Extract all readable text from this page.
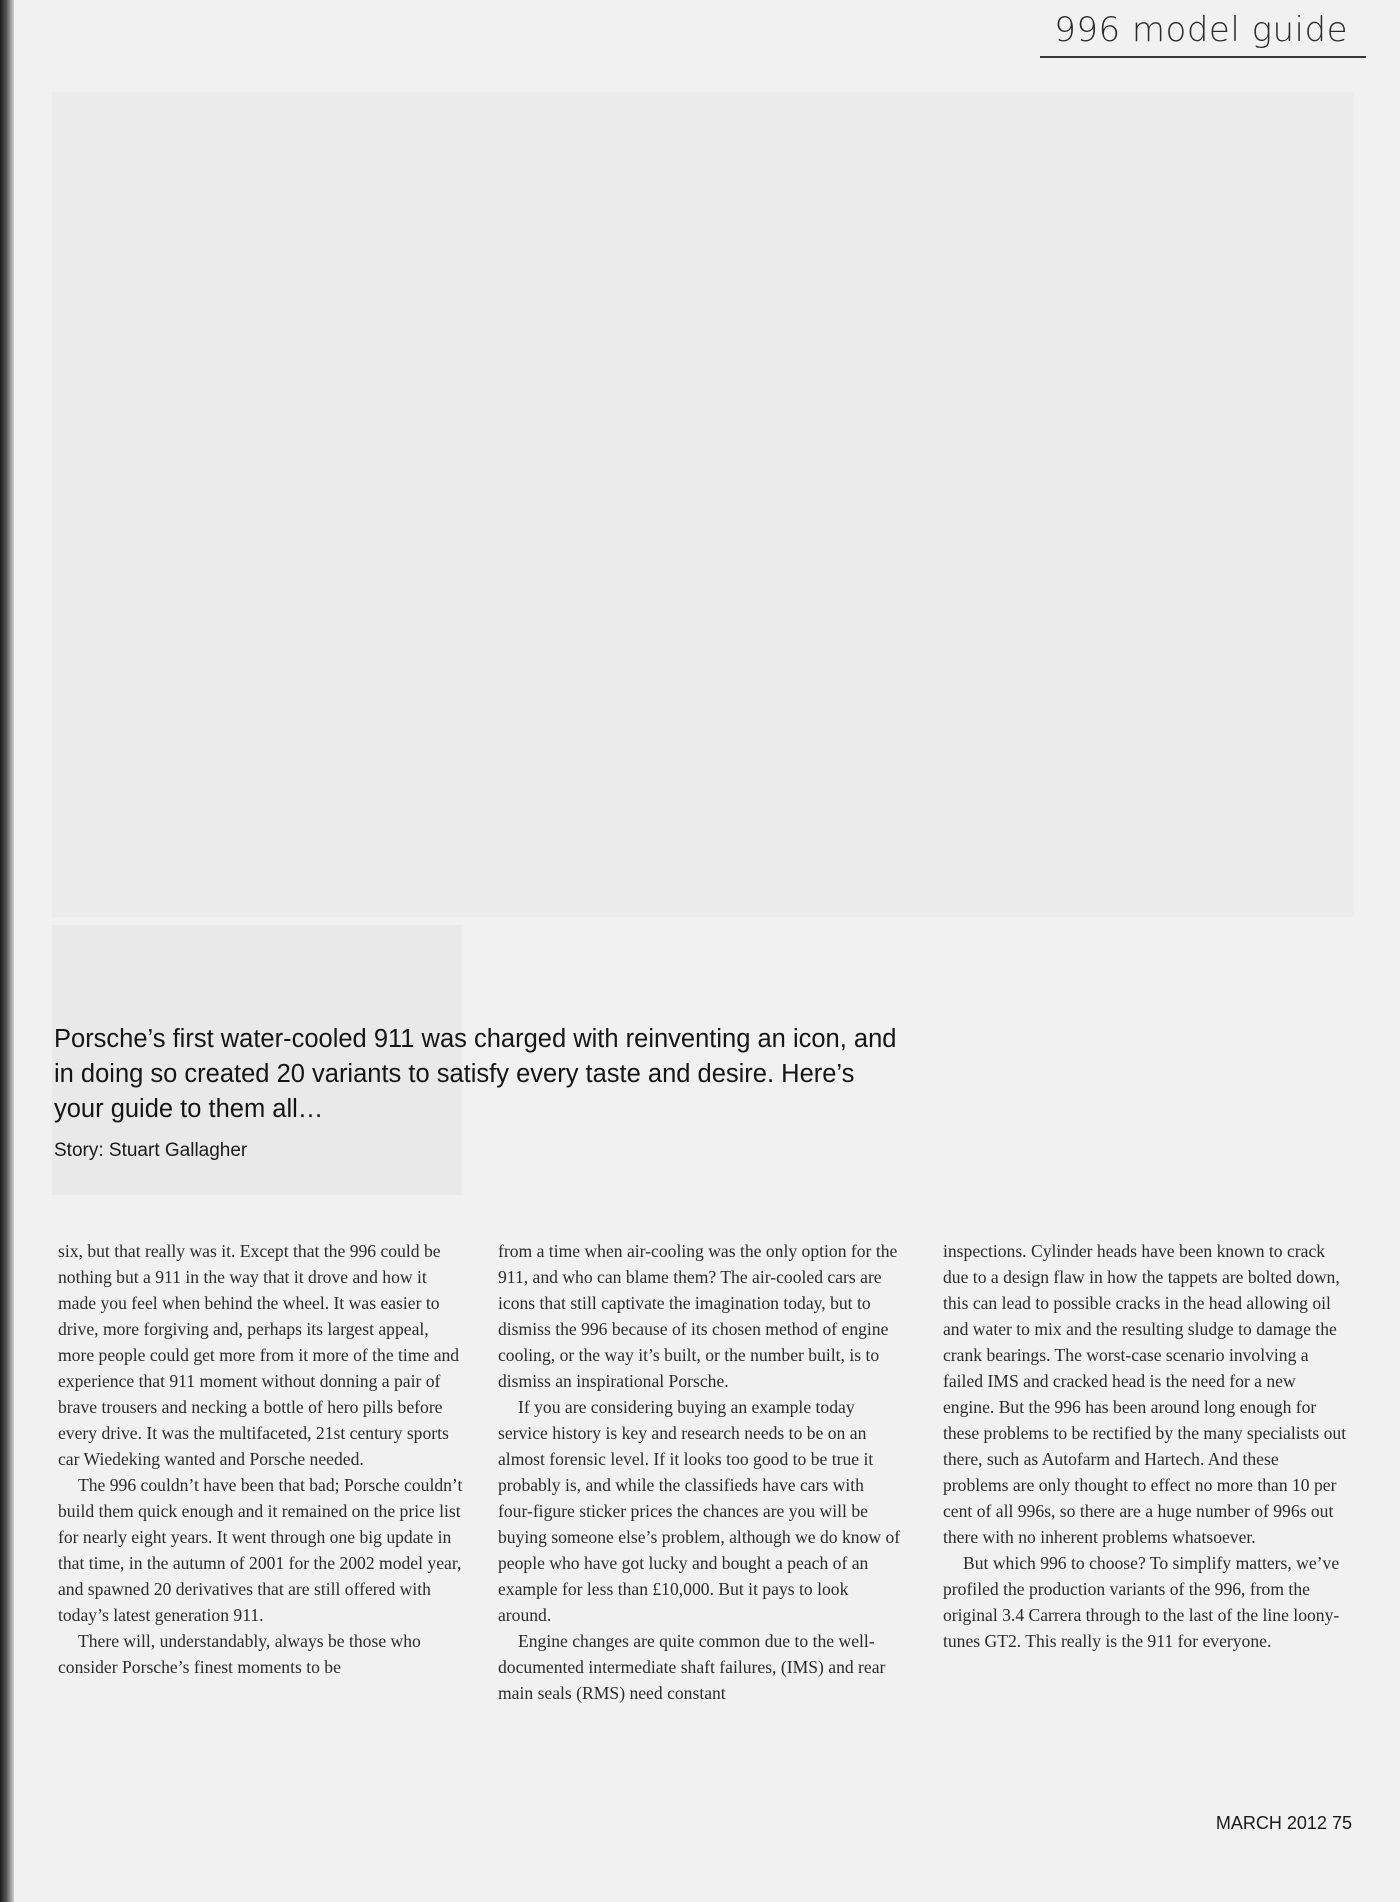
996 model guide

Porsche’s first water-cooled 911 was charged with reinventing an icon, and in doing so created 20 variants to satisfy every taste and desire. Here’s your guide to them all…

Story: Stuart Gallagher

six, but that really was it. Except that the 996 could be nothing but a 911 in the way that it drove and how it made you feel when behind the wheel. It was easier to drive, more forgiving and, perhaps its largest appeal, more people could get more from it more of the time and experience that 911 moment without donning a pair of brave trousers and necking a bottle of hero pills before every drive. It was the multifaceted, 21st century sports car Wiedeking wanted and Porsche needed.

The 996 couldn’t have been that bad; Porsche couldn’t build them quick enough and it remained on the price list for nearly eight years. It went through one big update in that time, in the autumn of 2001 for the 2002 model year, and spawned 20 derivatives that are still offered with today’s latest generation 911.

There will, understandably, always be those who consider Porsche’s finest moments to be

from a time when air-cooling was the only option for the 911, and who can blame them? The air-cooled cars are icons that still captivate the imagination today, but to dismiss the 996 because of its chosen method of engine cooling, or the way it’s built, or the number built, is to dismiss an inspirational Porsche.

If you are considering buying an example today service history is key and research needs to be on an almost forensic level. If it looks too good to be true it probably is, and while the classifieds have cars with four-figure sticker prices the chances are you will be buying someone else’s problem, although we do know of people who have got lucky and bought a peach of an example for less than £10,000. But it pays to look around.

Engine changes are quite common due to the well-documented intermediate shaft failures, (IMS) and rear main seals (RMS) need constant

inspections. Cylinder heads have been known to crack due to a design flaw in how the tappets are bolted down, this can lead to possible cracks in the head allowing oil and water to mix and the resulting sludge to damage the crank bearings. The worst-case scenario involving a failed IMS and cracked head is the need for a new engine. But the 996 has been around long enough for these problems to be rectified by the many specialists out there, such as Autofarm and Hartech. And these problems are only thought to effect no more than 10 per cent of all 996s, so there are a huge number of 996s out there with no inherent problems whatsoever.

But which 996 to choose? To simplify matters, we’ve profiled the production variants of the 996, from the original 3.4 Carrera through to the last of the line loony-tunes GT2. This really is the 911 for everyone.

MARCH 2012 75
